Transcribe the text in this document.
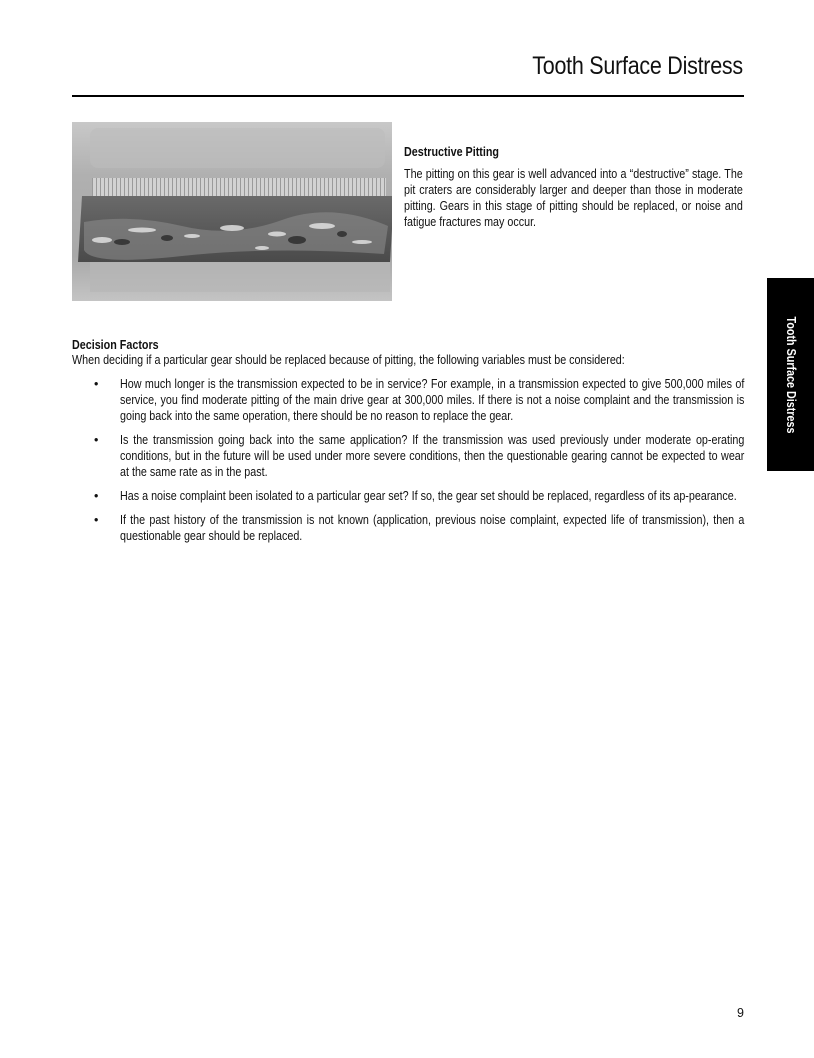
Tooth Surface Distress
Destructive Pitting
The pitting on this gear is well advanced into a “destructive” stage. The pit craters are considerably larger and deeper than those in moderate pitting. Gears in this stage of pitting should be replaced, or noise and fatigue fractures may occur.
Tooth Surface Distress
Decision Factors
When deciding if a particular gear should be replaced because of pitting, the following variables must be considered:
• How much longer is the transmission expected to be in service? For example, in a transmission expected to give 500,000 miles of service, you find moderate pitting of the main drive gear at 300,000 miles. If there is not a noise complaint and the transmission is going back into the same operation, there should be no reason to replace the gear.
• Is the transmission going back into the same application? If the transmission was used previously under moderate op-erating conditions, but in the future will be used under more severe conditions, then the questionable gearing cannot be expected to wear at the same rate as in the past.
• Has a noise complaint been isolated to a particular gear set? If so, the gear set should be replaced, regardless of its ap-pearance.
• If the past history of the transmission is not known (application, previous noise complaint, expected life of transmission), then a questionable gear should be replaced.
9
